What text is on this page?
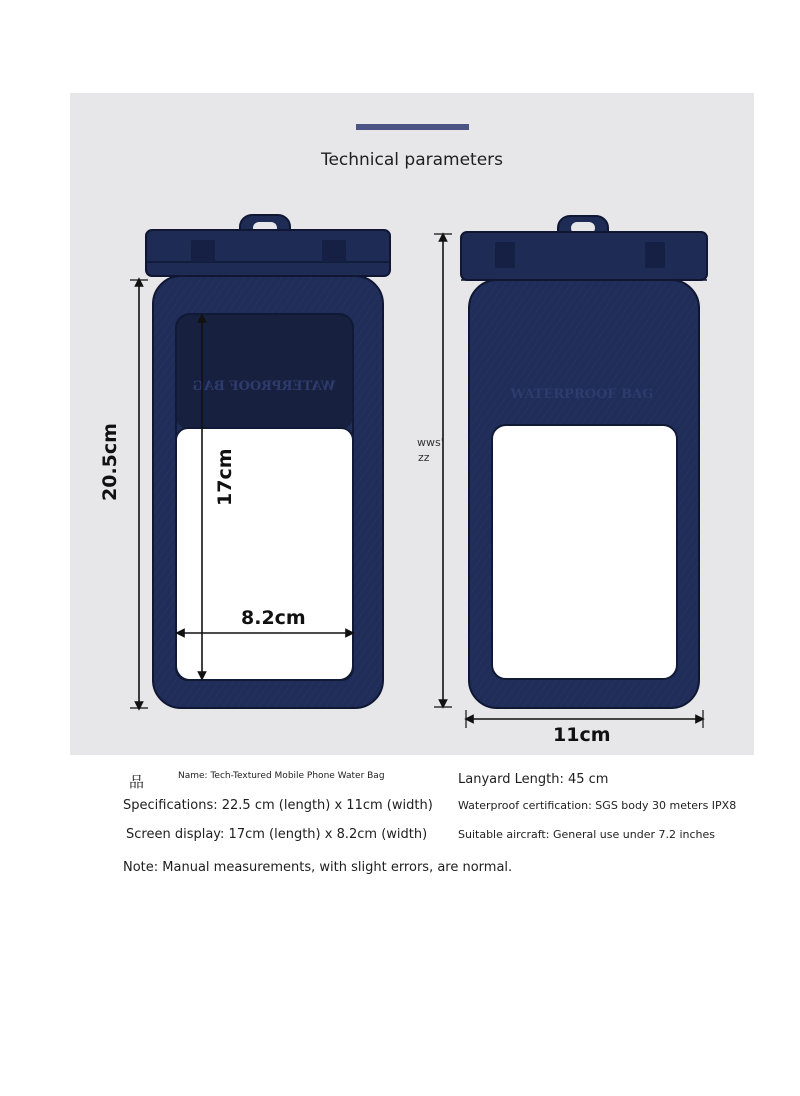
Technical parameters
WATERPROOF BAG
WATERPROOF BAG
20.5cm	17cm
8.2cm
11cm
wws'
zz
品	Name: Tech-Textured Mobile Phone Water Bag
Specifications: 22.5 cm (length) x 11cm (width)
Screen display: 17cm (length) x 8.2cm (width)
Note: Manual measurements, with slight errors, are normal.
Lanyard Length: 45 cm
Waterproof certification: SGS body 30 meters IPX8
Suitable aircraft: General use under 7.2 inches
